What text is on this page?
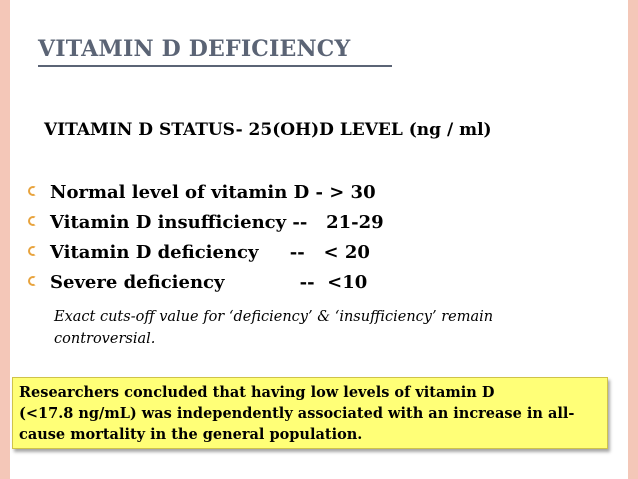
VITAMIN D DEFICIENCY
VITAMIN D STATUS- 25(OH)D LEVEL (ng / ml)
Normal level of vitamin D - > 30
Vitamin D insufficiency --   21-29
Vitamin D deficiency     --   < 20
Severe deficiency            --  <10
Exact cuts-off value for ‘deficiency’ & ‘insufficiency’ remain
controversial.
Researchers concluded that having low levels of vitamin D
(<17.8 ng/mL) was independently associated with an increase in all-
cause mortality in the general population.
